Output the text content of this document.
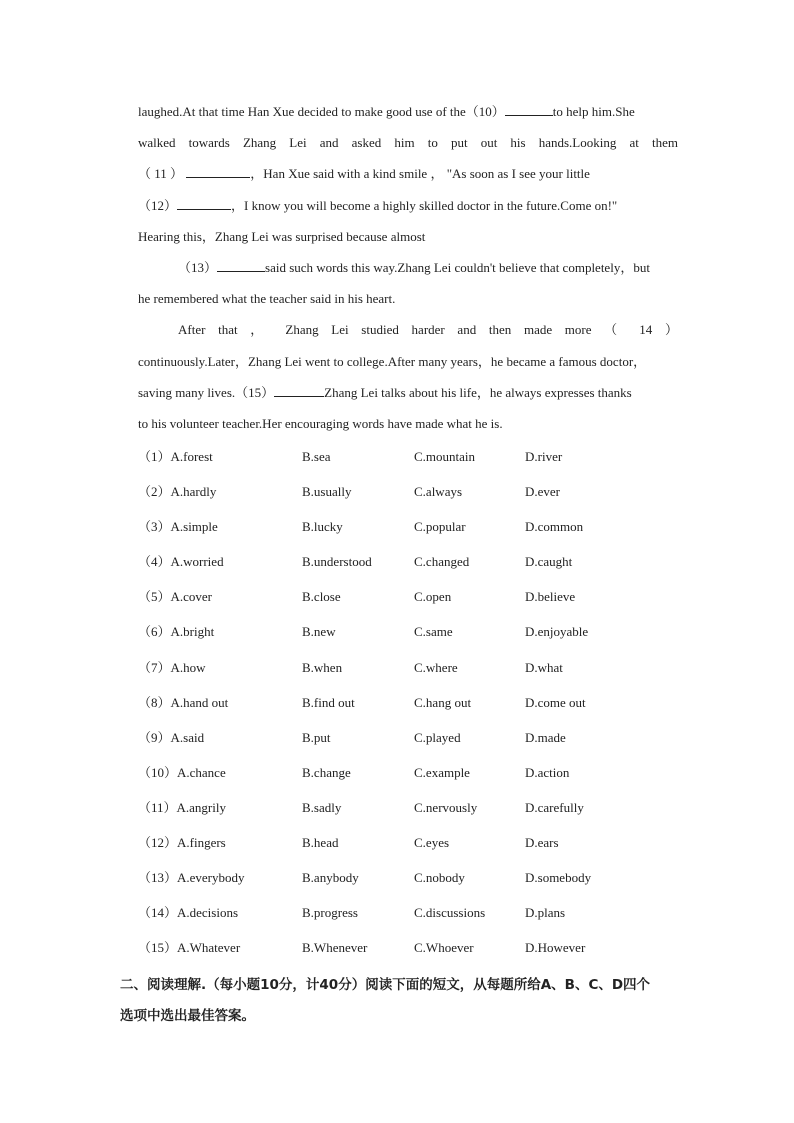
laughed.At that time Han Xue decided to make good use of the（10）	to help him.She
walked towards Zhang Lei and asked him to put out his hands.Looking at them
（ 11 ）	，Han Xue said with a kind smile ， "As soon as I see your little
（12）	，I know you will become a highly skilled doctor in the future.Come on!"
Hearing this，Zhang Lei was surprised because almost
（13）	said such words this way.Zhang Lei couldn't believe that completely，but
he remembered what the teacher said in his heart.
After that ， Zhang Lei studied harder and then made more （ 14 ）
continuously.Later，Zhang Lei went to college.After many years，he became a famous doctor，
saving many lives.（15）	Zhang Lei talks about his life，he always expresses thanks
to his volunteer teacher.Her encouraging words have made what he is.
（1）A.forest	B.sea	C.mountain	D.river
（2）A.hardly	B.usually	C.always	D.ever
（3）A.simple	B.lucky	C.popular	D.common
（4）A.worried	B.understood	C.changed	D.caught
（5）A.cover	B.close	C.open	D.believe
（6）A.bright	B.new	C.same	D.enjoyable
（7）A.how	B.when	C.where	D.what
（8）A.hand out	B.find out	C.hang out	D.come out
（9）A.said	B.put	C.played	D.made
（10）A.chance	B.change	C.example	D.action
（11）A.angrily	B.sadly	C.nervously	D.carefully
（12）A.fingers	B.head	C.eyes	D.ears
（13）A.everybody	B.anybody	C.nobody	D.somebody
（14）A.decisions	B.progress	C.discussions	D.plans
（15）A.Whatever	B.Whenever	C.Whoever	D.However
二、阅读理解.（每小题10分，计40分）阅读下面的短文，从每题所给A、B、C、D四个
选项中选出最佳答案。
